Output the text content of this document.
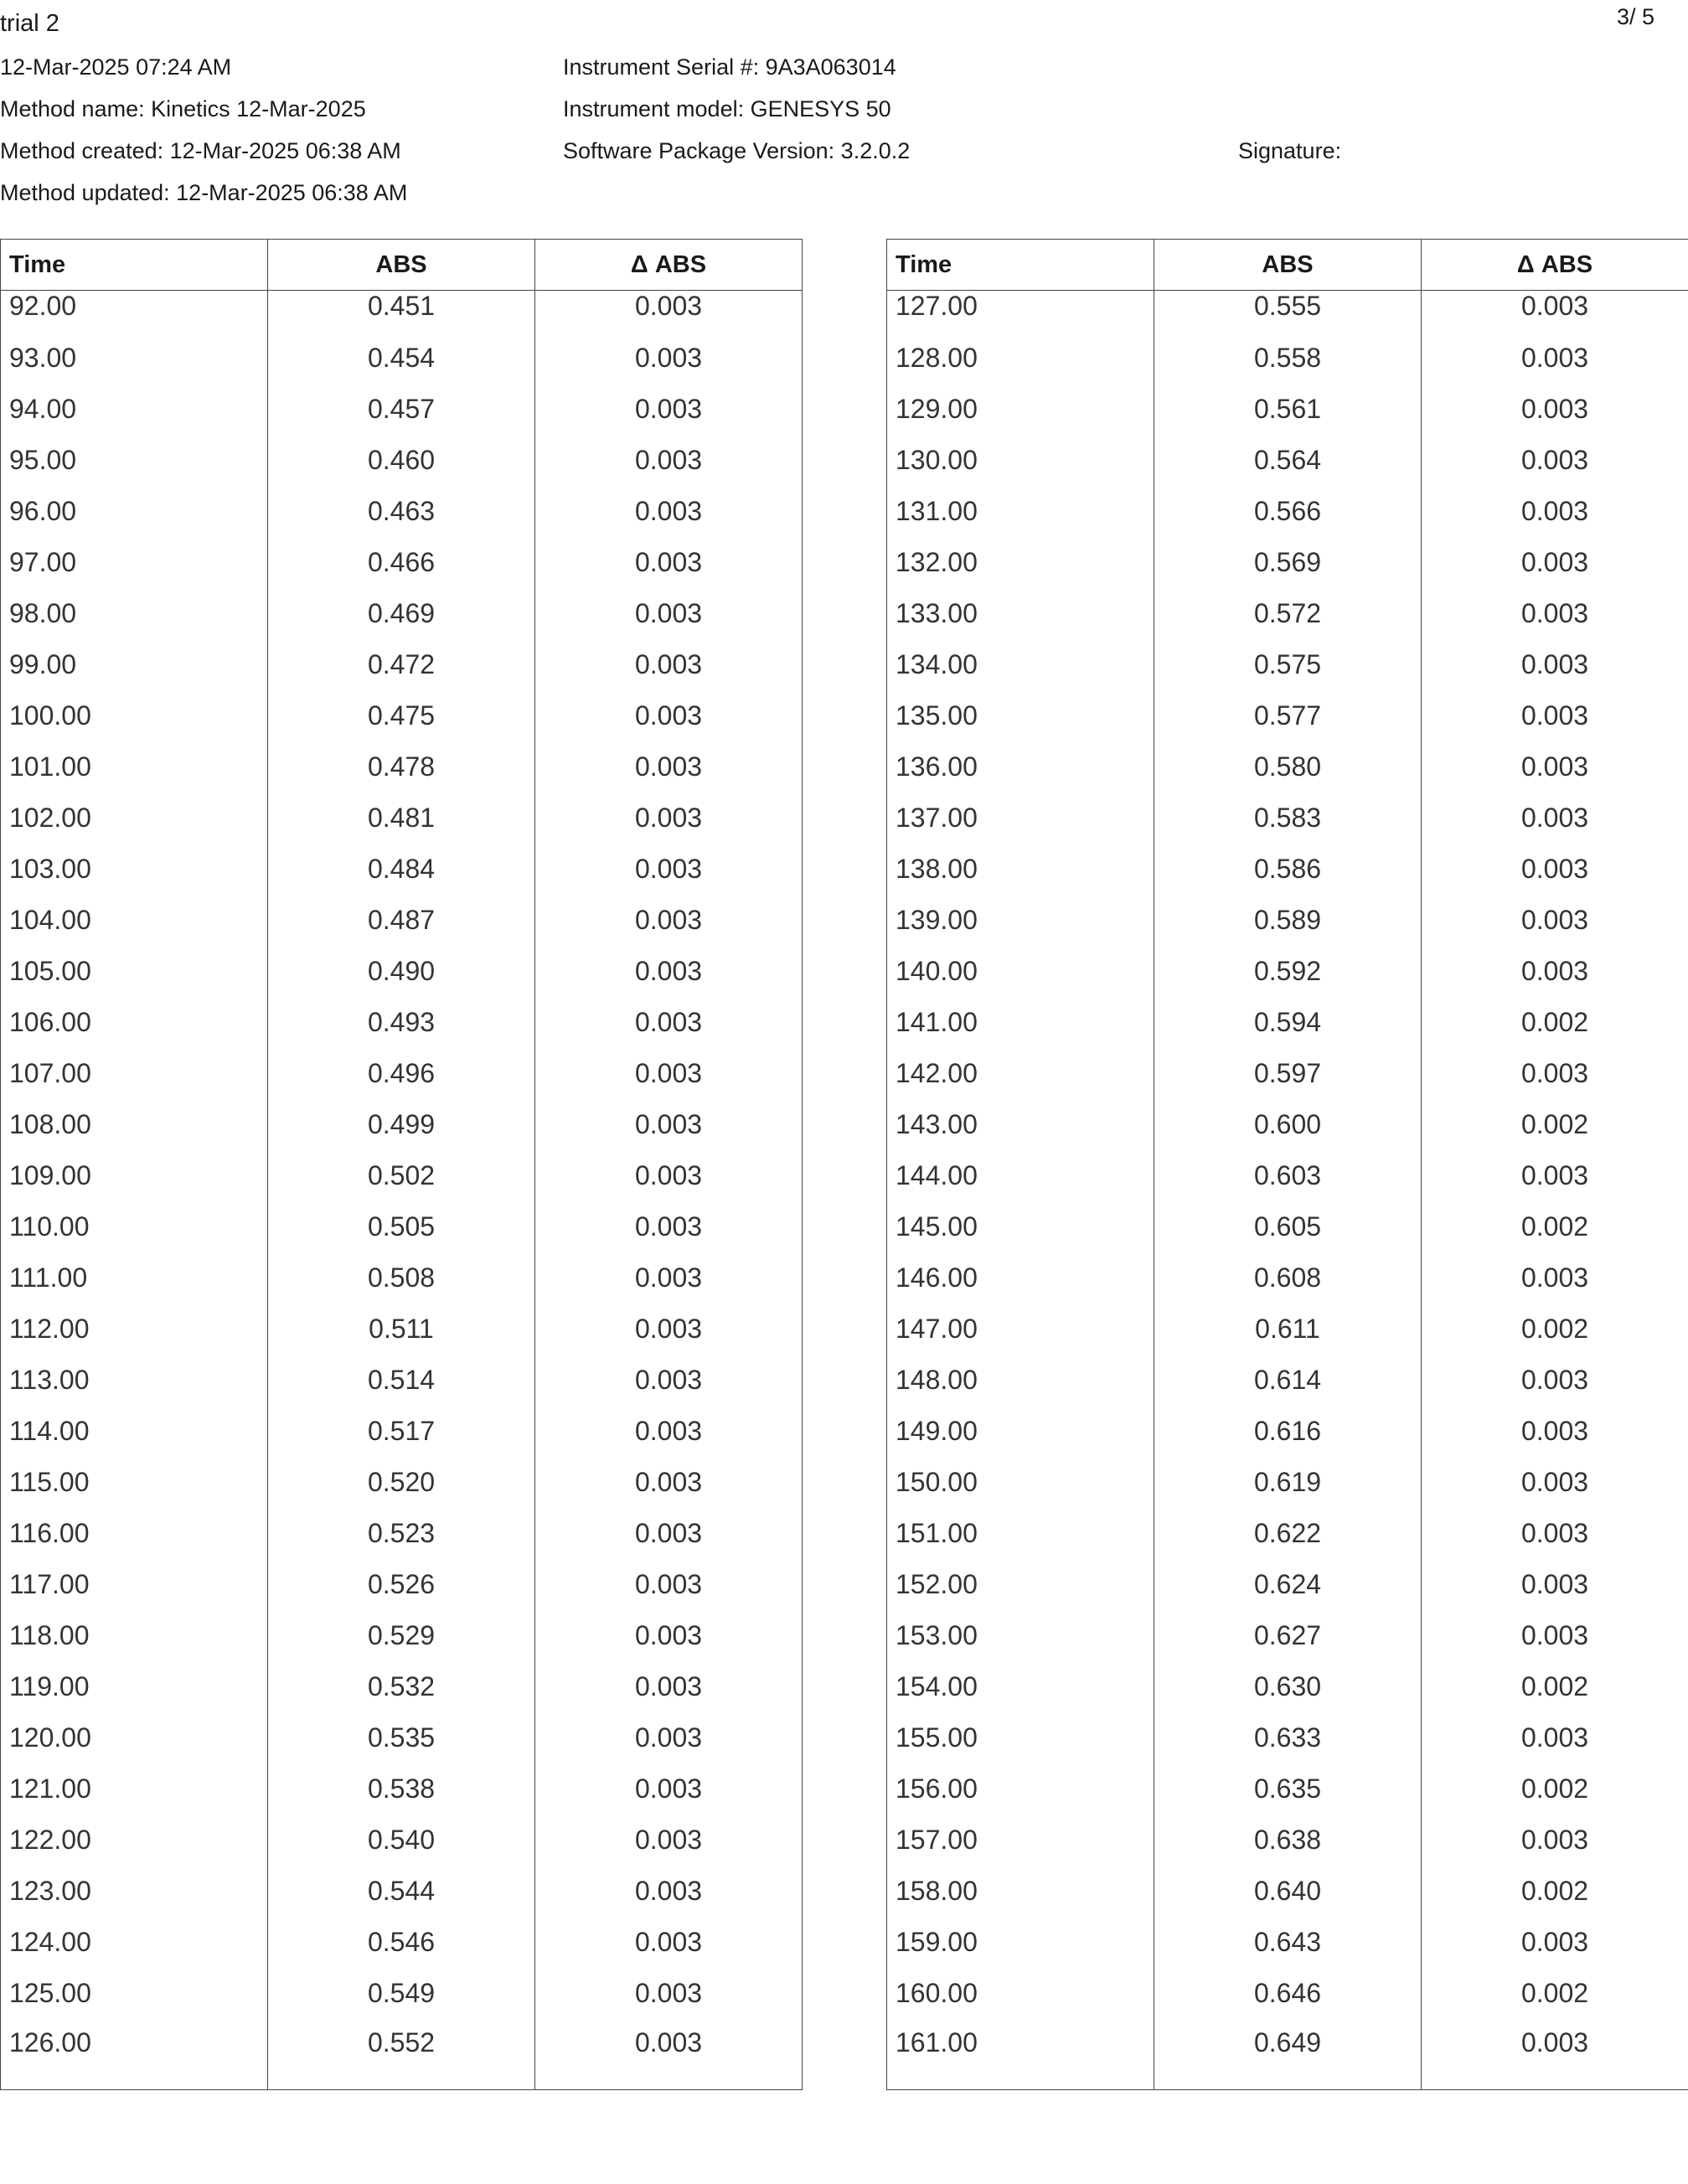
trial 2	3/ 5
12-Mar-2025 07:24 AM
Method name: Kinetics 12-Mar-2025
Method created: 12-Mar-2025 06:38 AM
Method updated: 12-Mar-2025 06:38 AM
Instrument Serial #: 9A3A063014
Instrument model: GENESYS 50
Software Package Version: 3.2.0.2	Signature:
Time	ABS	Δ ABS
92.00	0.451	0.003
93.00	0.454	0.003
94.00	0.457	0.003
95.00	0.460	0.003
96.00	0.463	0.003
97.00	0.466	0.003
98.00	0.469	0.003
99.00	0.472	0.003
100.00	0.475	0.003
101.00	0.478	0.003
102.00	0.481	0.003
103.00	0.484	0.003
104.00	0.487	0.003
105.00	0.490	0.003
106.00	0.493	0.003
107.00	0.496	0.003
108.00	0.499	0.003
109.00	0.502	0.003
110.00	0.505	0.003
111.00	0.508	0.003
112.00	0.511	0.003
113.00	0.514	0.003
114.00	0.517	0.003
115.00	0.520	0.003
116.00	0.523	0.003
117.00	0.526	0.003
118.00	0.529	0.003
119.00	0.532	0.003
120.00	0.535	0.003
121.00	0.538	0.003
122.00	0.540	0.003
123.00	0.544	0.003
124.00	0.546	0.003
125.00	0.549	0.003
126.00	0.552	0.003
Time	ABS	Δ ABS
127.00	0.555	0.003
128.00	0.558	0.003
129.00	0.561	0.003
130.00	0.564	0.003
131.00	0.566	0.003
132.00	0.569	0.003
133.00	0.572	0.003
134.00	0.575	0.003
135.00	0.577	0.003
136.00	0.580	0.003
137.00	0.583	0.003
138.00	0.586	0.003
139.00	0.589	0.003
140.00	0.592	0.003
141.00	0.594	0.002
142.00	0.597	0.003
143.00	0.600	0.002
144.00	0.603	0.003
145.00	0.605	0.002
146.00	0.608	0.003
147.00	0.611	0.002
148.00	0.614	0.003
149.00	0.616	0.003
150.00	0.619	0.003
151.00	0.622	0.003
152.00	0.624	0.003
153.00	0.627	0.003
154.00	0.630	0.002
155.00	0.633	0.003
156.00	0.635	0.002
157.00	0.638	0.003
158.00	0.640	0.002
159.00	0.643	0.003
160.00	0.646	0.002
161.00	0.649	0.003
